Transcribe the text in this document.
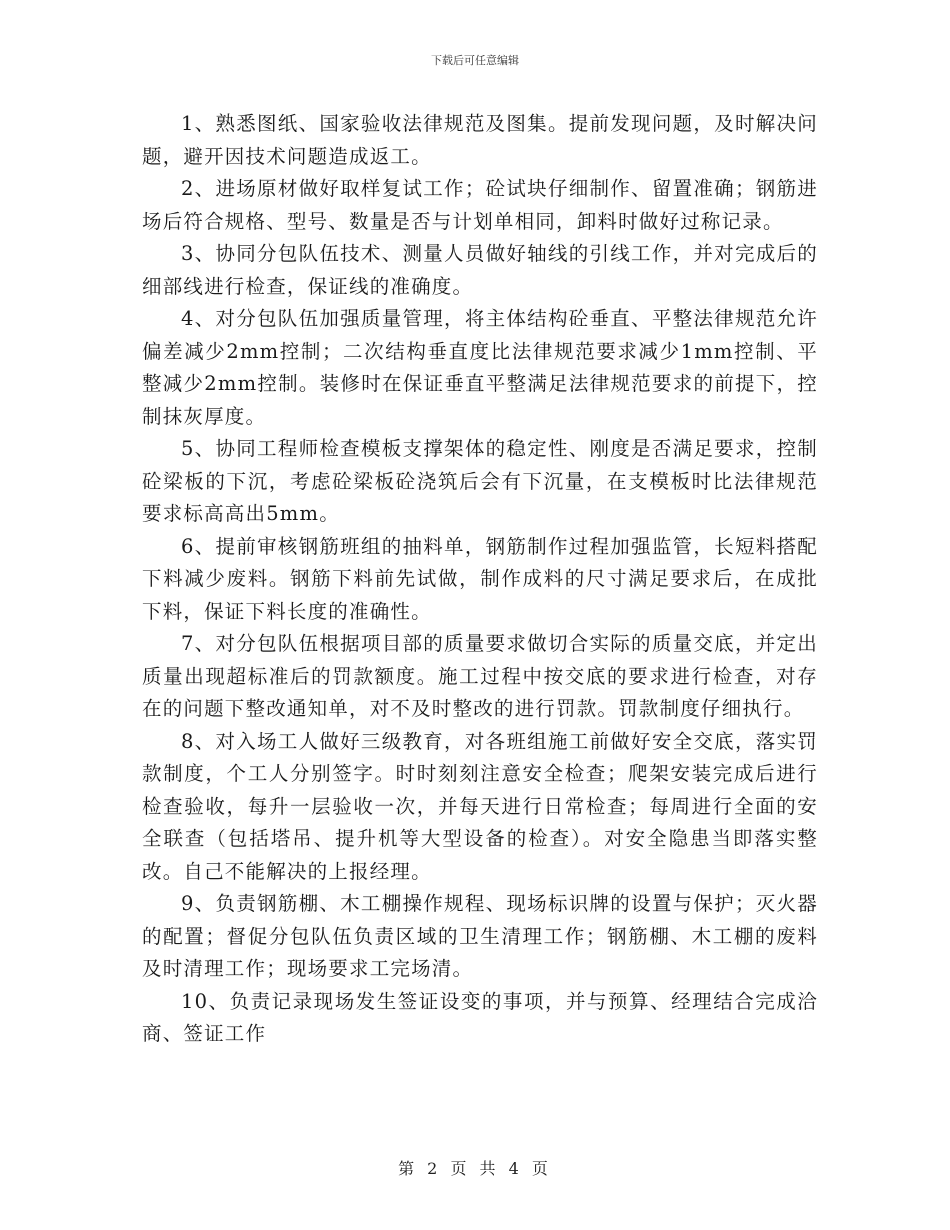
下载后可任意编辑

1、熟悉图纸、国家验收法律规范及图集。提前发现问题，及时解决问题，避开因技术问题造成返工。

2、进场原材做好取样复试工作；砼试块仔细制作、留置准确；钢筋进场后符合规格、型号、数量是否与计划单相同，卸料时做好过称记录。

3、协同分包队伍技术、测量人员做好轴线的引线工作，并对完成后的细部线进行检查，保证线的准确度。

4、对分包队伍加强质量管理，将主体结构砼垂直、平整法律规范允许偏差减少2mm控制；二次结构垂直度比法律规范要求减少1mm控制、平整减少2mm控制。装修时在保证垂直平整满足法律规范要求的前提下，控制抹灰厚度。

5、协同工程师检查模板支撑架体的稳定性、刚度是否满足要求，控制砼梁板的下沉，考虑砼梁板砼浇筑后会有下沉量，在支模板时比法律规范要求标高高出5mm。

6、提前审核钢筋班组的抽料单，钢筋制作过程加强监管，长短料搭配下料减少废料。钢筋下料前先试做，制作成料的尺寸满足要求后，在成批下料，保证下料长度的准确性。

7、对分包队伍根据项目部的质量要求做切合实际的质量交底，并定出质量出现超标准后的罚款额度。施工过程中按交底的要求进行检查，对存在的问题下整改通知单，对不及时整改的进行罚款。罚款制度仔细执行。

8、对入场工人做好三级教育，对各班组施工前做好安全交底，落实罚款制度，个工人分别签字。时时刻刻注意安全检查；爬架安装完成后进行检查验收，每升一层验收一次，并每天进行日常检查；每周进行全面的安全联查（包括塔吊、提升机等大型设备的检查）。对安全隐患当即落实整改。自己不能解决的上报经理。

9、负责钢筋棚、木工棚操作规程、现场标识牌的设置与保护；灭火器的配置；督促分包队伍负责区域的卫生清理工作；钢筋棚、木工棚的废料及时清理工作；现场要求工完场清。

10、负责记录现场发生签证设变的事项，并与预算、经理结合完成洽商、签证工作

第 2 页 共 4 页
